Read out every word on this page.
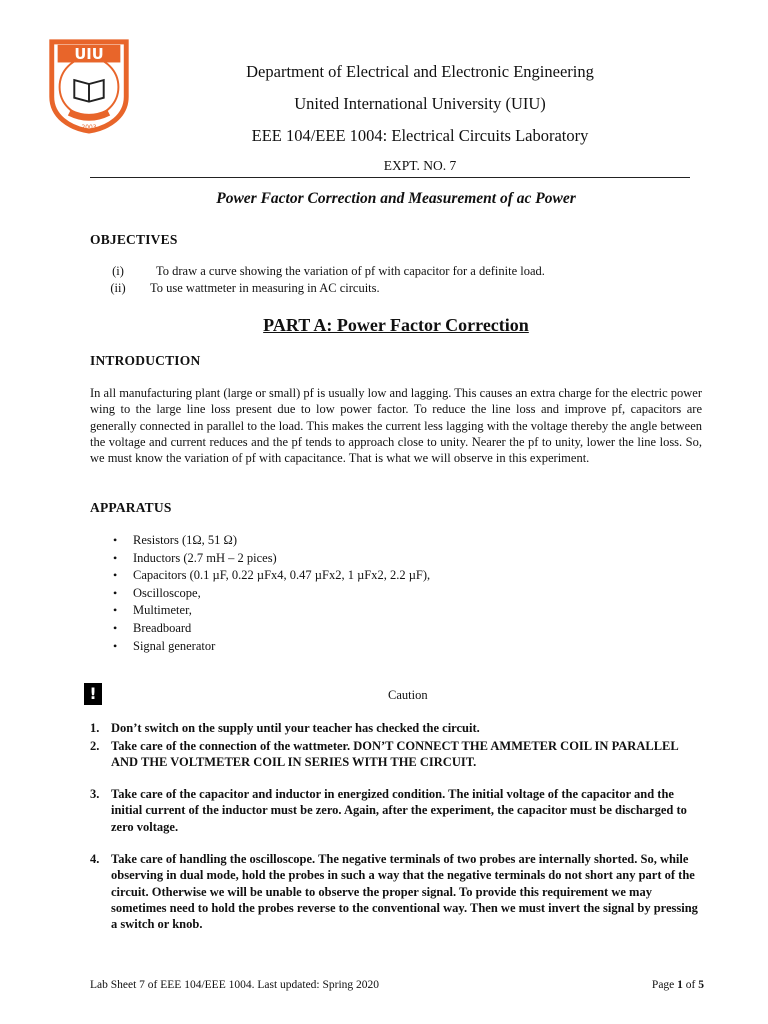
UIU
2003
Department of Electrical and Electronic Engineering
United International University (UIU)
EEE 104/EEE 1004: Electrical Circuits Laboratory
EXPT. NO. 7
Power Factor Correction and Measurement of ac Power
OBJECTIVES
(i)	To draw a curve showing the variation of pf with capacitor for a definite load.
(ii)	To use wattmeter in measuring in AC circuits.
PART A: Power Factor Correction
INTRODUCTION
In all manufacturing plant (large or small) pf is usually low and lagging. This causes an extra charge for the electric power wing to the large line loss present due to low power factor. To reduce the line loss and improve pf, capacitors are generally connected in parallel to the load. This makes the current less lagging with the voltage thereby the angle between the voltage and current reduces and the pf tends to approach close to unity. Nearer the pf to unity, lower the line loss. So, we must know the variation of pf with capacitance. That is what we will observe in this experiment.
APPARATUS
• Resistors (1Ω, 51 Ω)
• Inductors (2.7 mH – 2 pices)
• Capacitors (0.1 µF, 0.22 µFx4, 0.47 µFx2, 1 µFx2, 2.2 µF),
• Oscilloscope,
• Multimeter,
• Breadboard
• Signal generator
!	Caution
1. Don’t switch on the supply until your teacher has checked the circuit.
2. Take care of the connection of the wattmeter. DON’T CONNECT THE AMMETER COIL IN PARALLEL AND THE VOLTMETER COIL IN SERIES WITH THE CIRCUIT.
3. Take care of the capacitor and inductor in energized condition. The initial voltage of the capacitor and the initial current of the inductor must be zero. Again, after the experiment, the capacitor must be discharged to zero voltage.
4. Take care of handling the oscilloscope. The negative terminals of two probes are internally shorted. So, while observing in dual mode, hold the probes in such a way that the negative terminals do not short any part of the circuit. Otherwise we will be unable to observe the proper signal. To provide this requirement we may sometimes need to hold the probes reverse to the conventional way. Then we must invert the signal by pressing a switch or knob.
Lab Sheet 7 of EEE 104/EEE 1004. Last updated: Spring 2020	Page 1 of 5
